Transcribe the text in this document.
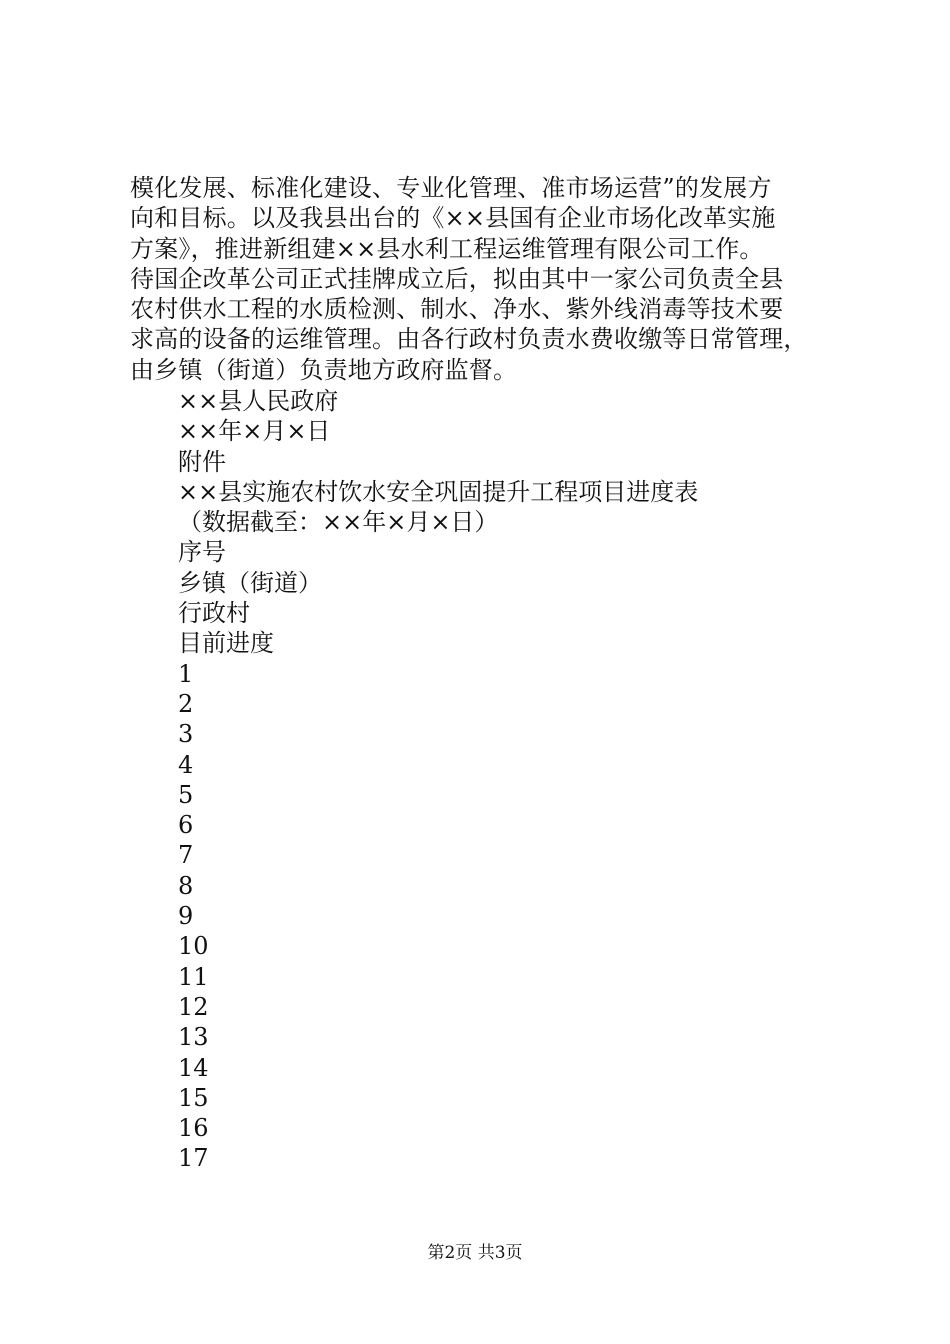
模化发展、标准化建设、专业化管理、准市场运营”的发展方

向和目标。以及我县出台的《××县国有企业市场化改革实施

方案》，推进新组建××县水利工程运维管理有限公司工作。

待国企改革公司正式挂牌成立后，拟由其中一家公司负责全县

农村供水工程的水质检测、制水、净水、紫外线消毒等技术要

求高的设备的运维管理。由各行政村负责水费收缴等日常管理，

由乡镇（街道）负责地方政府监督。

××县人民政府

××年×月×日

附件

××县实施农村饮水安全巩固提升工程项目进度表

（数据截至：××年×月×日）

序号

乡镇（街道）

行政村

目前进度

1

2

3

4

5

6

7

8

9

10

11

12

13

14

15

16

17

第2页 共3页
